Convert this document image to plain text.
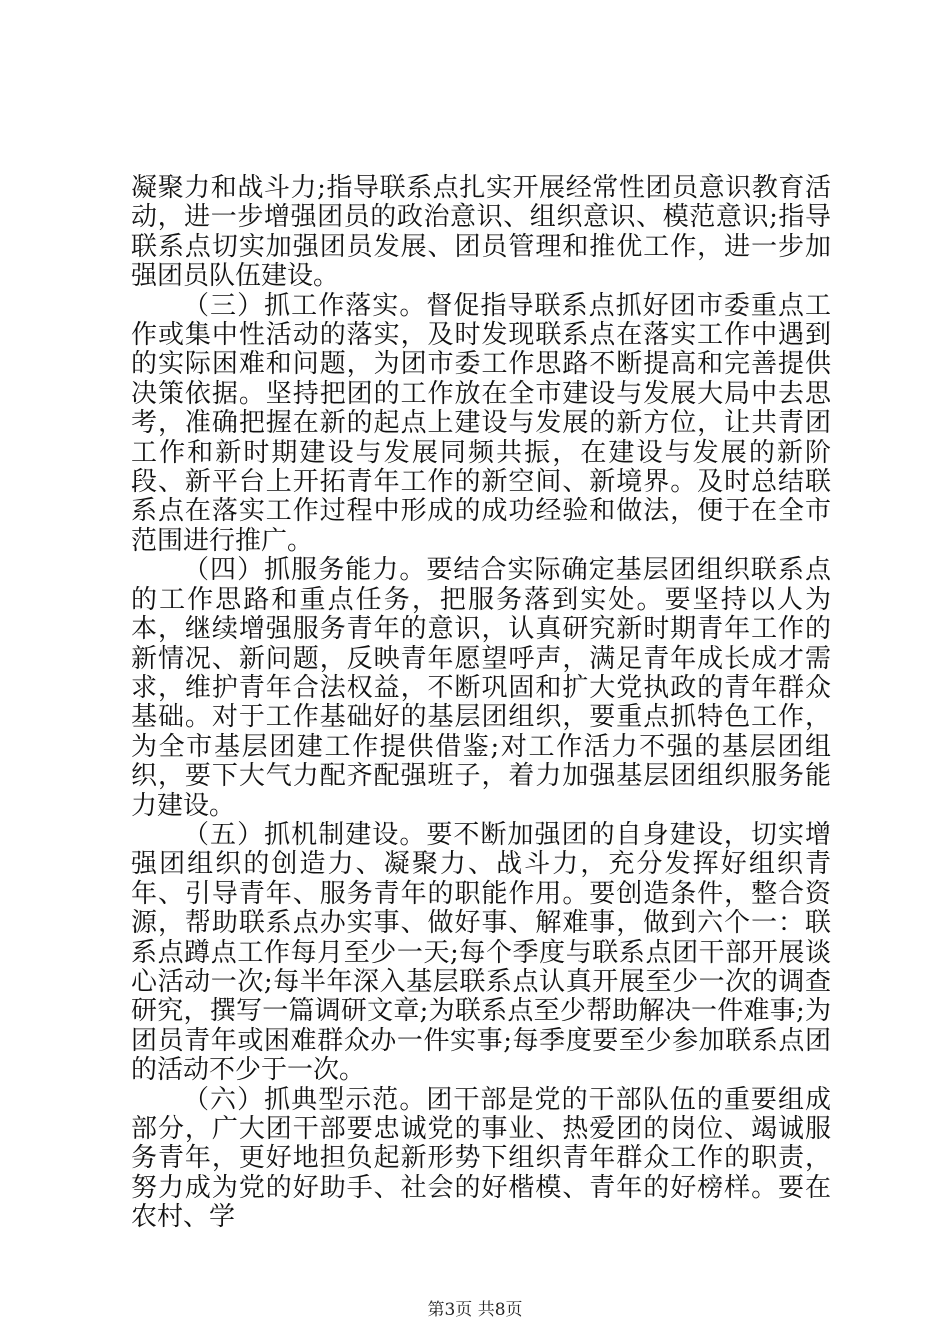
凝聚力和战斗力;指导联系点扎实开展经常性团员意识教育活动，进一步增强团员的政治意识、组织意识、模范意识;指导联系点切实加强团员发展、团员管理和推优工作，进一步加强团员队伍建设。

（三）抓工作落实。督促指导联系点抓好团市委重点工作或集中性活动的落实，及时发现联系点在落实工作中遇到的实际困难和问题，为团市委工作思路不断提高和完善提供决策依据。坚持把团的工作放在全市建设与发展大局中去思考，准确把握在新的起点上建设与发展的新方位，让共青团工作和新时期建设与发展同频共振，在建设与发展的新阶段、新平台上开拓青年工作的新空间、新境界。及时总结联系点在落实工作过程中形成的成功经验和做法，便于在全市范围进行推广。

（四）抓服务能力。要结合实际确定基层团组织联系点的工作思路和重点任务，把服务落到实处。要坚持以人为本，继续增强服务青年的意识，认真研究新时期青年工作的新情况、新问题，反映青年愿望呼声，满足青年成长成才需求，维护青年合法权益，不断巩固和扩大党执政的青年群众基础。对于工作基础好的基层团组织，要重点抓特色工作，为全市基层团建工作提供借鉴;对工作活力不强的基层团组织，要下大气力配齐配强班子，着力加强基层团组织服务能力建设。

（五）抓机制建设。要不断加强团的自身建设，切实增强团组织的创造力、凝聚力、战斗力，充分发挥好组织青年、引导青年、服务青年的职能作用。要创造条件，整合资源，帮助联系点办实事、做好事、解难事，做到六个一：联系点蹲点工作每月至少一天;每个季度与联系点团干部开展谈心活动一次;每半年深入基层联系点认真开展至少一次的调查研究，撰写一篇调研文章;为联系点至少帮助解决一件难事;为团员青年或困难群众办一件实事;每季度要至少参加联系点团的活动不少于一次。

（六）抓典型示范。团干部是党的干部队伍的重要组成部分，广大团干部要忠诚党的事业、热爱团的岗位、竭诚服务青年，更好地担负起新形势下组织青年群众工作的职责，努力成为党的好助手、社会的好楷模、青年的好榜样。要在农村、学

第3页 共8页
